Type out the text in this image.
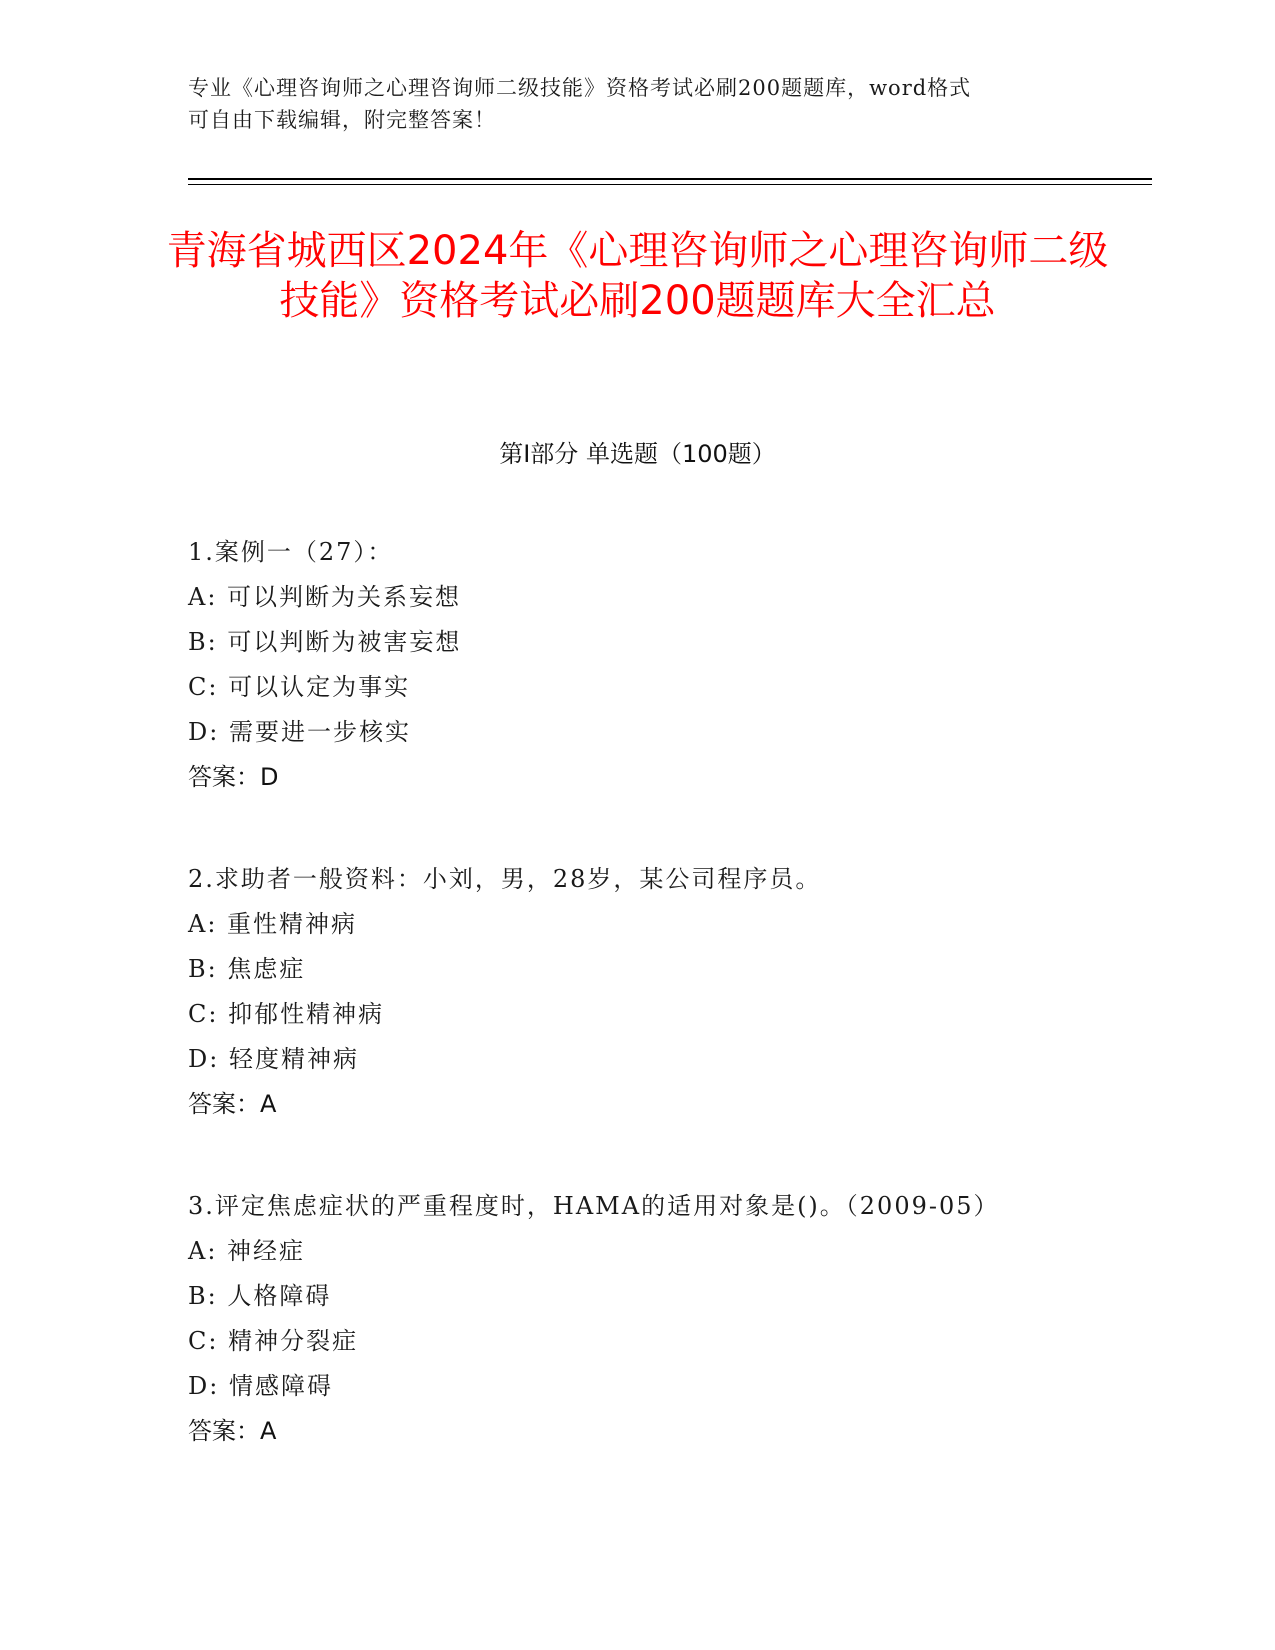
专业《心理咨询师之心理咨询师二级技能》资格考试必刷200题题库，word格式
可自由下载编辑，附完整答案！
青海省城西区2024年《心理咨询师之心理咨询师二级技能》资格考试必刷200题题库大全汇总
第Ⅰ部分 单选题（100题）
1.案例一（27）：
A: 可以判断为关系妄想
B: 可以判断为被害妄想
C: 可以认定为事实
D: 需要进一步核实
答案：D
2.求助者一般资料：小刘，男，28岁，某公司程序员。
A: 重性精神病
B: 焦虑症
C: 抑郁性精神病
D: 轻度精神病
答案：A
3.评定焦虑症状的严重程度时，HAMA的适用对象是()。（2009-05）
A: 神经症
B: 人格障碍
C: 精神分裂症
D: 情感障碍
答案：A
